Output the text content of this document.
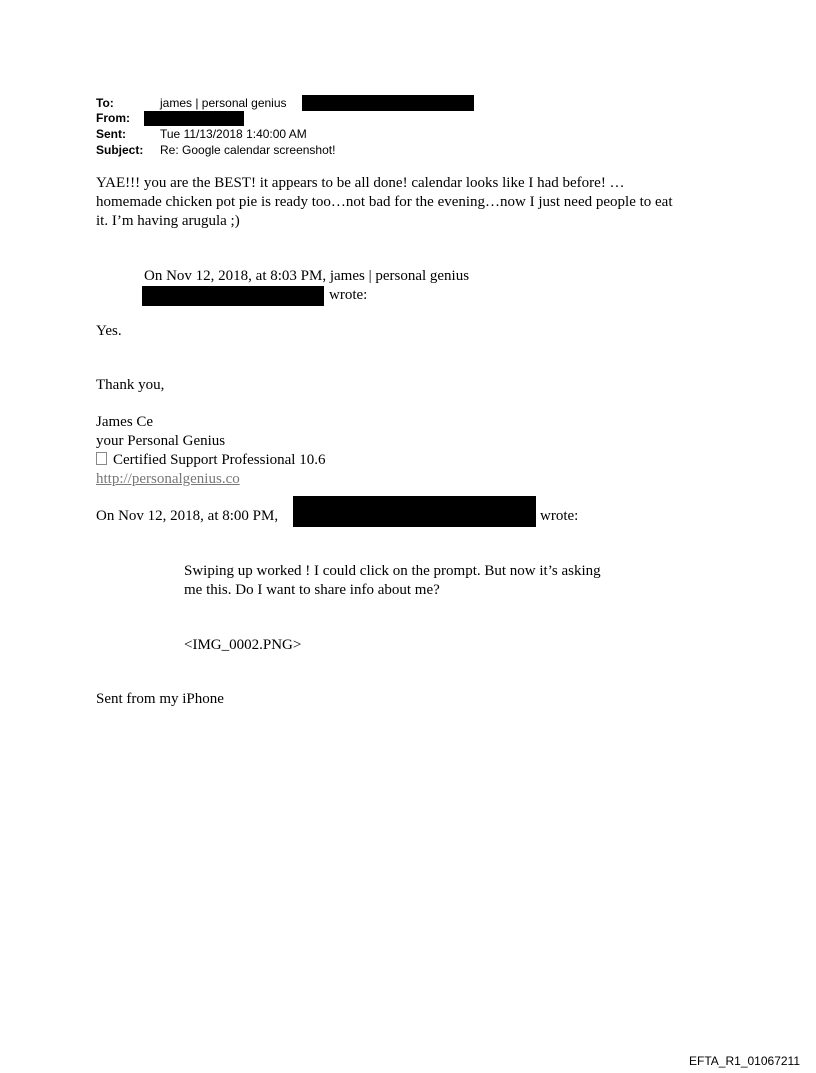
To:	james | personal genius
From:
Sent:	Tue 11/13/2018 1:40:00 AM
Subject: Re: Google calendar screenshot!
YAE!!! you are the BEST! it appears to be all done! calendar looks like I had before! …
homemade chicken pot pie is ready too…not bad for the evening…now I just need people to eat
it. I’m having arugula ;)
On Nov 12, 2018, at 8:03 PM, james | personal genius
wrote:
Yes.
Thank you,
James Ce
your Personal Genius
Certified Support Professional 10.6
http://personalgenius.co
On Nov 12, 2018, at 8:00 PM,	wrote:
Swiping up worked ! I could click on the prompt. But now it’s asking
me this. Do I want to share info about me?
<IMG_0002.PNG>
Sent from my iPhone
EFTA_R1_01067211
